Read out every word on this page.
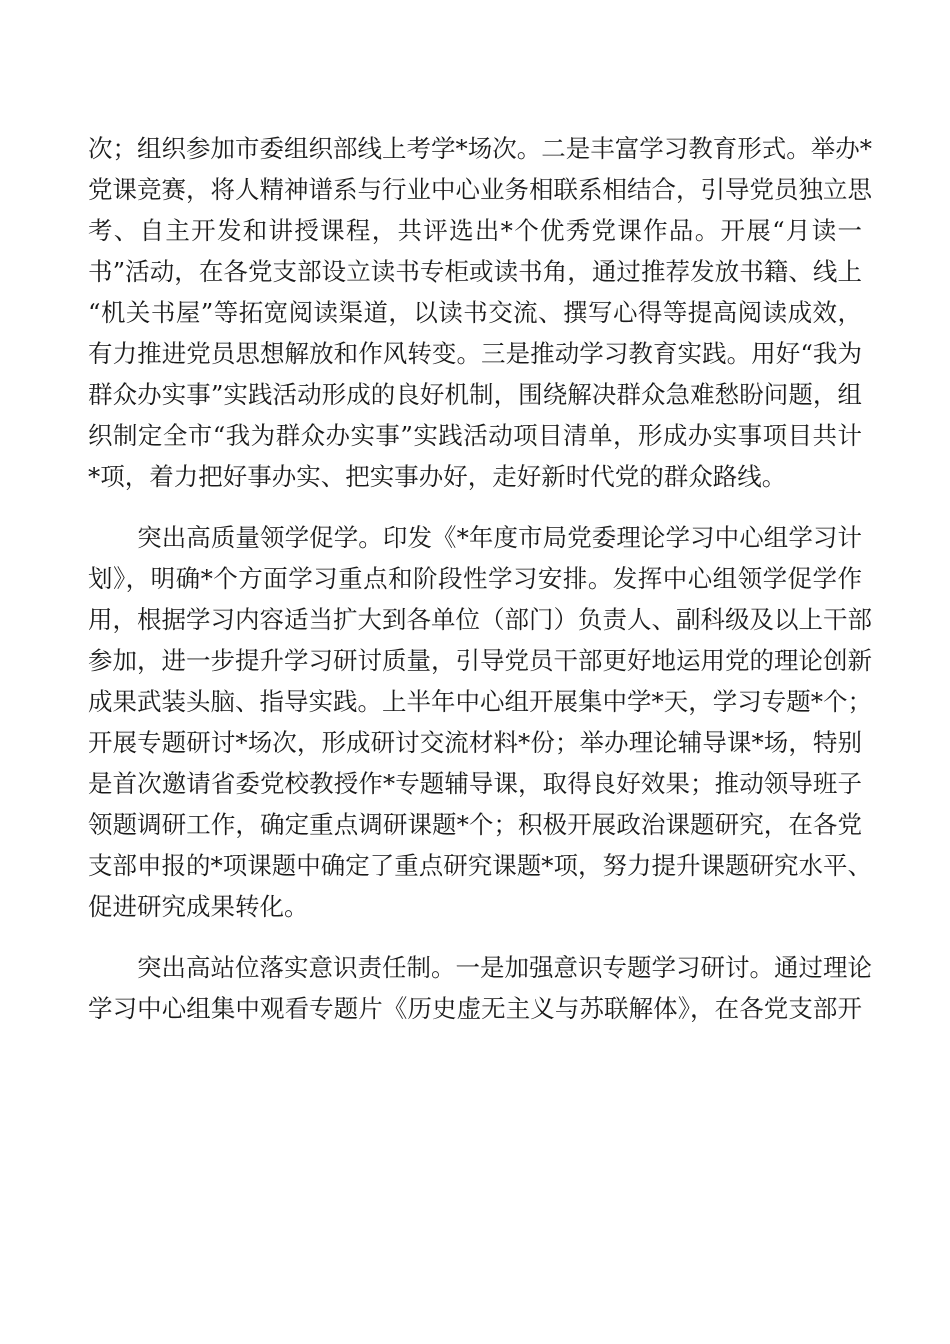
次；组织参加市委组织部线上考学*场次。二是丰富学习教育形式。举办*
党课竞赛，将人精神谱系与行业中心业务相联系相结合，引导党员独立思
考、自主开发和讲授课程，共评选出*个优秀党课作品。开展“月读一
书”活动，在各党支部设立读书专柜或读书角，通过推荐发放书籍、线上
“机关书屋”等拓宽阅读渠道，以读书交流、撰写心得等提高阅读成效，
有力推进党员思想解放和作风转变。三是推动学习教育实践。用好“我为
群众办实事”实践活动形成的良好机制，围绕解决群众急难愁盼问题，组
织制定全市“我为群众办实事”实践活动项目清单，形成办实事项目共计
*项，着力把好事办实、把实事办好，走好新时代党的群众路线。
　　突出高质量领学促学。印发《*年度市局党委理论学习中心组学习计
划》，明确*个方面学习重点和阶段性学习安排。发挥中心组领学促学作
用，根据学习内容适当扩大到各单位（部门）负责人、副科级及以上干部
参加，进一步提升学习研讨质量，引导党员干部更好地运用党的理论创新
成果武装头脑、指导实践。上半年中心组开展集中学*天，学习专题*个；
开展专题研讨*场次，形成研讨交流材料*份；举办理论辅导课*场，特别
是首次邀请省委党校教授作*专题辅导课，取得良好效果；推动领导班子
领题调研工作，确定重点调研课题*个；积极开展政治课题研究，在各党
支部申报的*项课题中确定了重点研究课题*项，努力提升课题研究水平、
促进研究成果转化。
　　突出高站位落实意识责任制。一是加强意识专题学习研讨。通过理论
学习中心组集中观看专题片《历史虚无主义与苏联解体》，在各党支部开
